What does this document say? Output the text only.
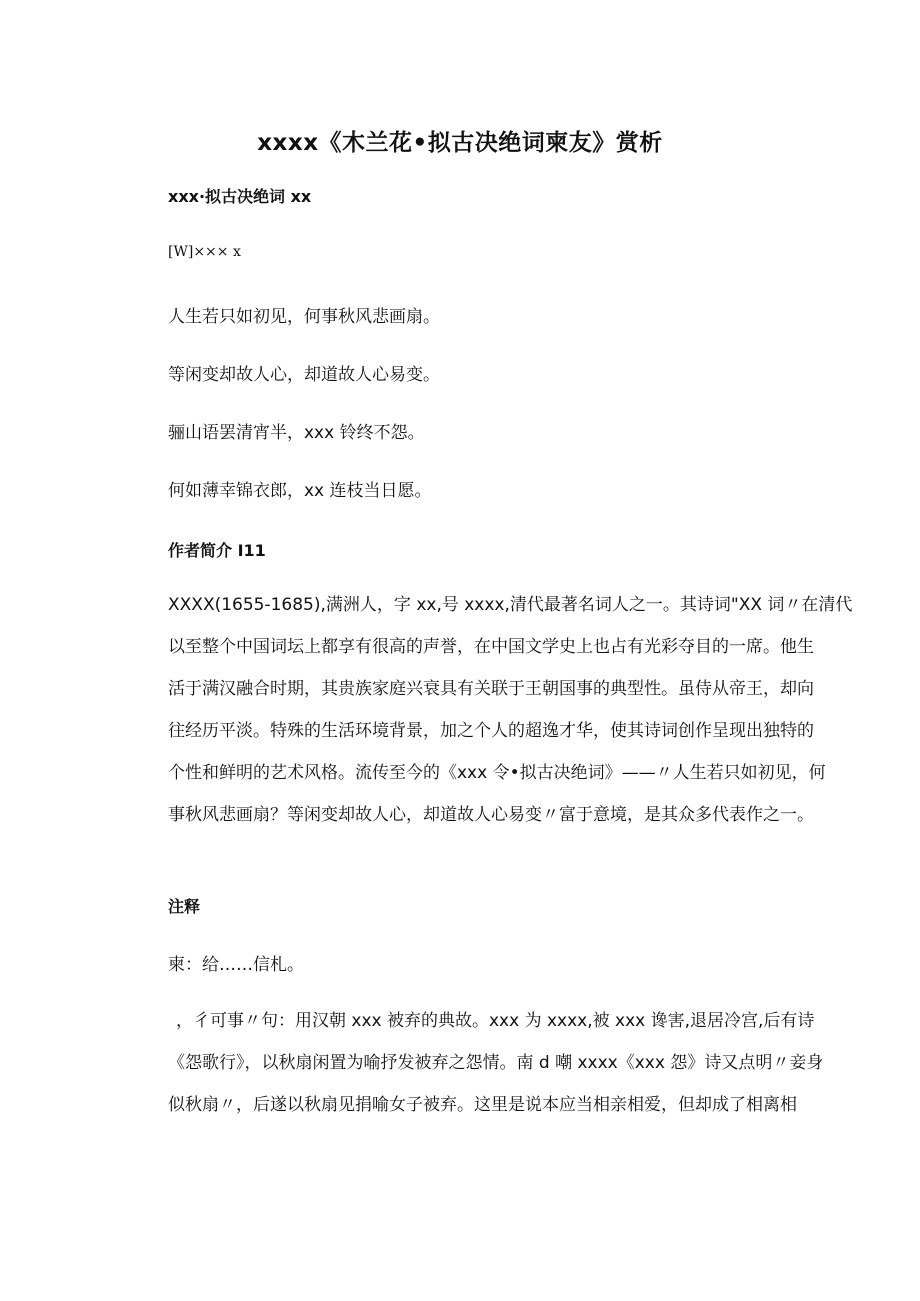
xxxx《木兰花•拟古决绝词柬友》赏析
xxx·拟古决绝词 xx
[W]××× x

人生若只如初见，何事秋风悲画扇。

等闲变却故人心，却道故人心易变。

骊山语罢清宵半，xxx 铃终不怨。

何如薄幸锦衣郎，xx 连枝当日愿。

作者简介 I11

XXXX(1655-1685),满洲人，字 xx,号 xxxx,清代最著名词人之一。其诗词"XX 词〃在清代
以至整个中国词坛上都享有很高的声誉，在中国文学史上也占有光彩夺目的一席。他生
活于满汉融合时期，其贵族家庭兴衰具有关联于王朝国事的典型性。虽侍从帝王，却向
往经历平淡。特殊的生活环境背景，加之个人的超逸才华，使其诗词创作呈现出独特的
个性和鲜明的艺术风格。流传至今的《xxx 令•拟古决绝词》——〃人生若只如初见，何
事秋风悲画扇？等闲变却故人心，却道故人心易变〃富于意境，是其众多代表作之一。

注释

柬：给……信札。

，彳可事〃句：用汉朝 xxx 被弃的典故。xxx 为 xxxx,被 xxx 谗害,退居冷宫,后有诗
《怨歌行》，以秋扇闲置为喻抒发被弃之怨情。南 d 嘲 xxxx《xxx 怨》诗又点明〃妾身
似秋扇〃，后遂以秋扇见捐喻女子被弃。这里是说本应当相亲相爱，但却成了相离相
